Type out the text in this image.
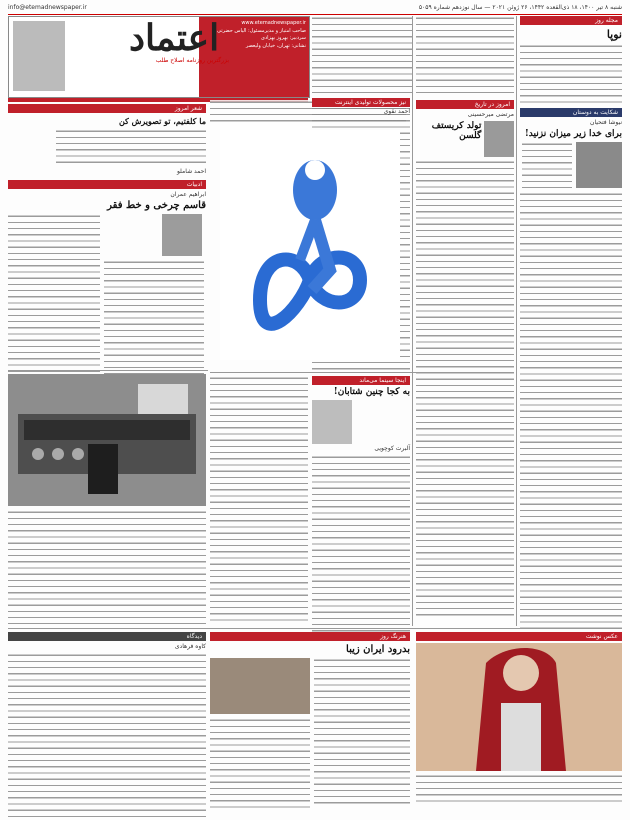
شنبه ۸ تیر ۱۴۰۰، ۱۸ ذی‌القعده ۱۴۴۲، ۲۶ ژوئن ۲۰۲۱ — سال نوزدهم شماره ۵۰۵۹
info@etemadnewspaper.ir
www.etemadnewspaper.ir
صاحب امتیاز و مدیرمسئول: الیاس حضرتی
سردبیر: بهروز بهزادی
نشانی: تهران، خیابان ولیعصر
اعتماد
بزرگترین روزنامه اصلاح طلب
مجله روز
نوپا
شکایت به دوستان
نیوشا فتحیان
برای خدا زیر میزان نزنید!
امروز در تاریخ
مرتضی میرحسینی
تولد کریستف گلسن
شعر امروز
ما کلفتیم، تو تصویرش کن
احمد شاملو
ادبیات
ابراهیم عمران
قاسم چرخی و خط فقر
نیز محصولات تولیدی اینترنت
احمد نقوی
اینجا سینما می‌ماند
به کجا چنین شتابان!
آلبرت کوچویی
عکس نوشت
هنرنگ روز
بدرود ایران زیبا
دیدگاه
کاوه فرهادی
